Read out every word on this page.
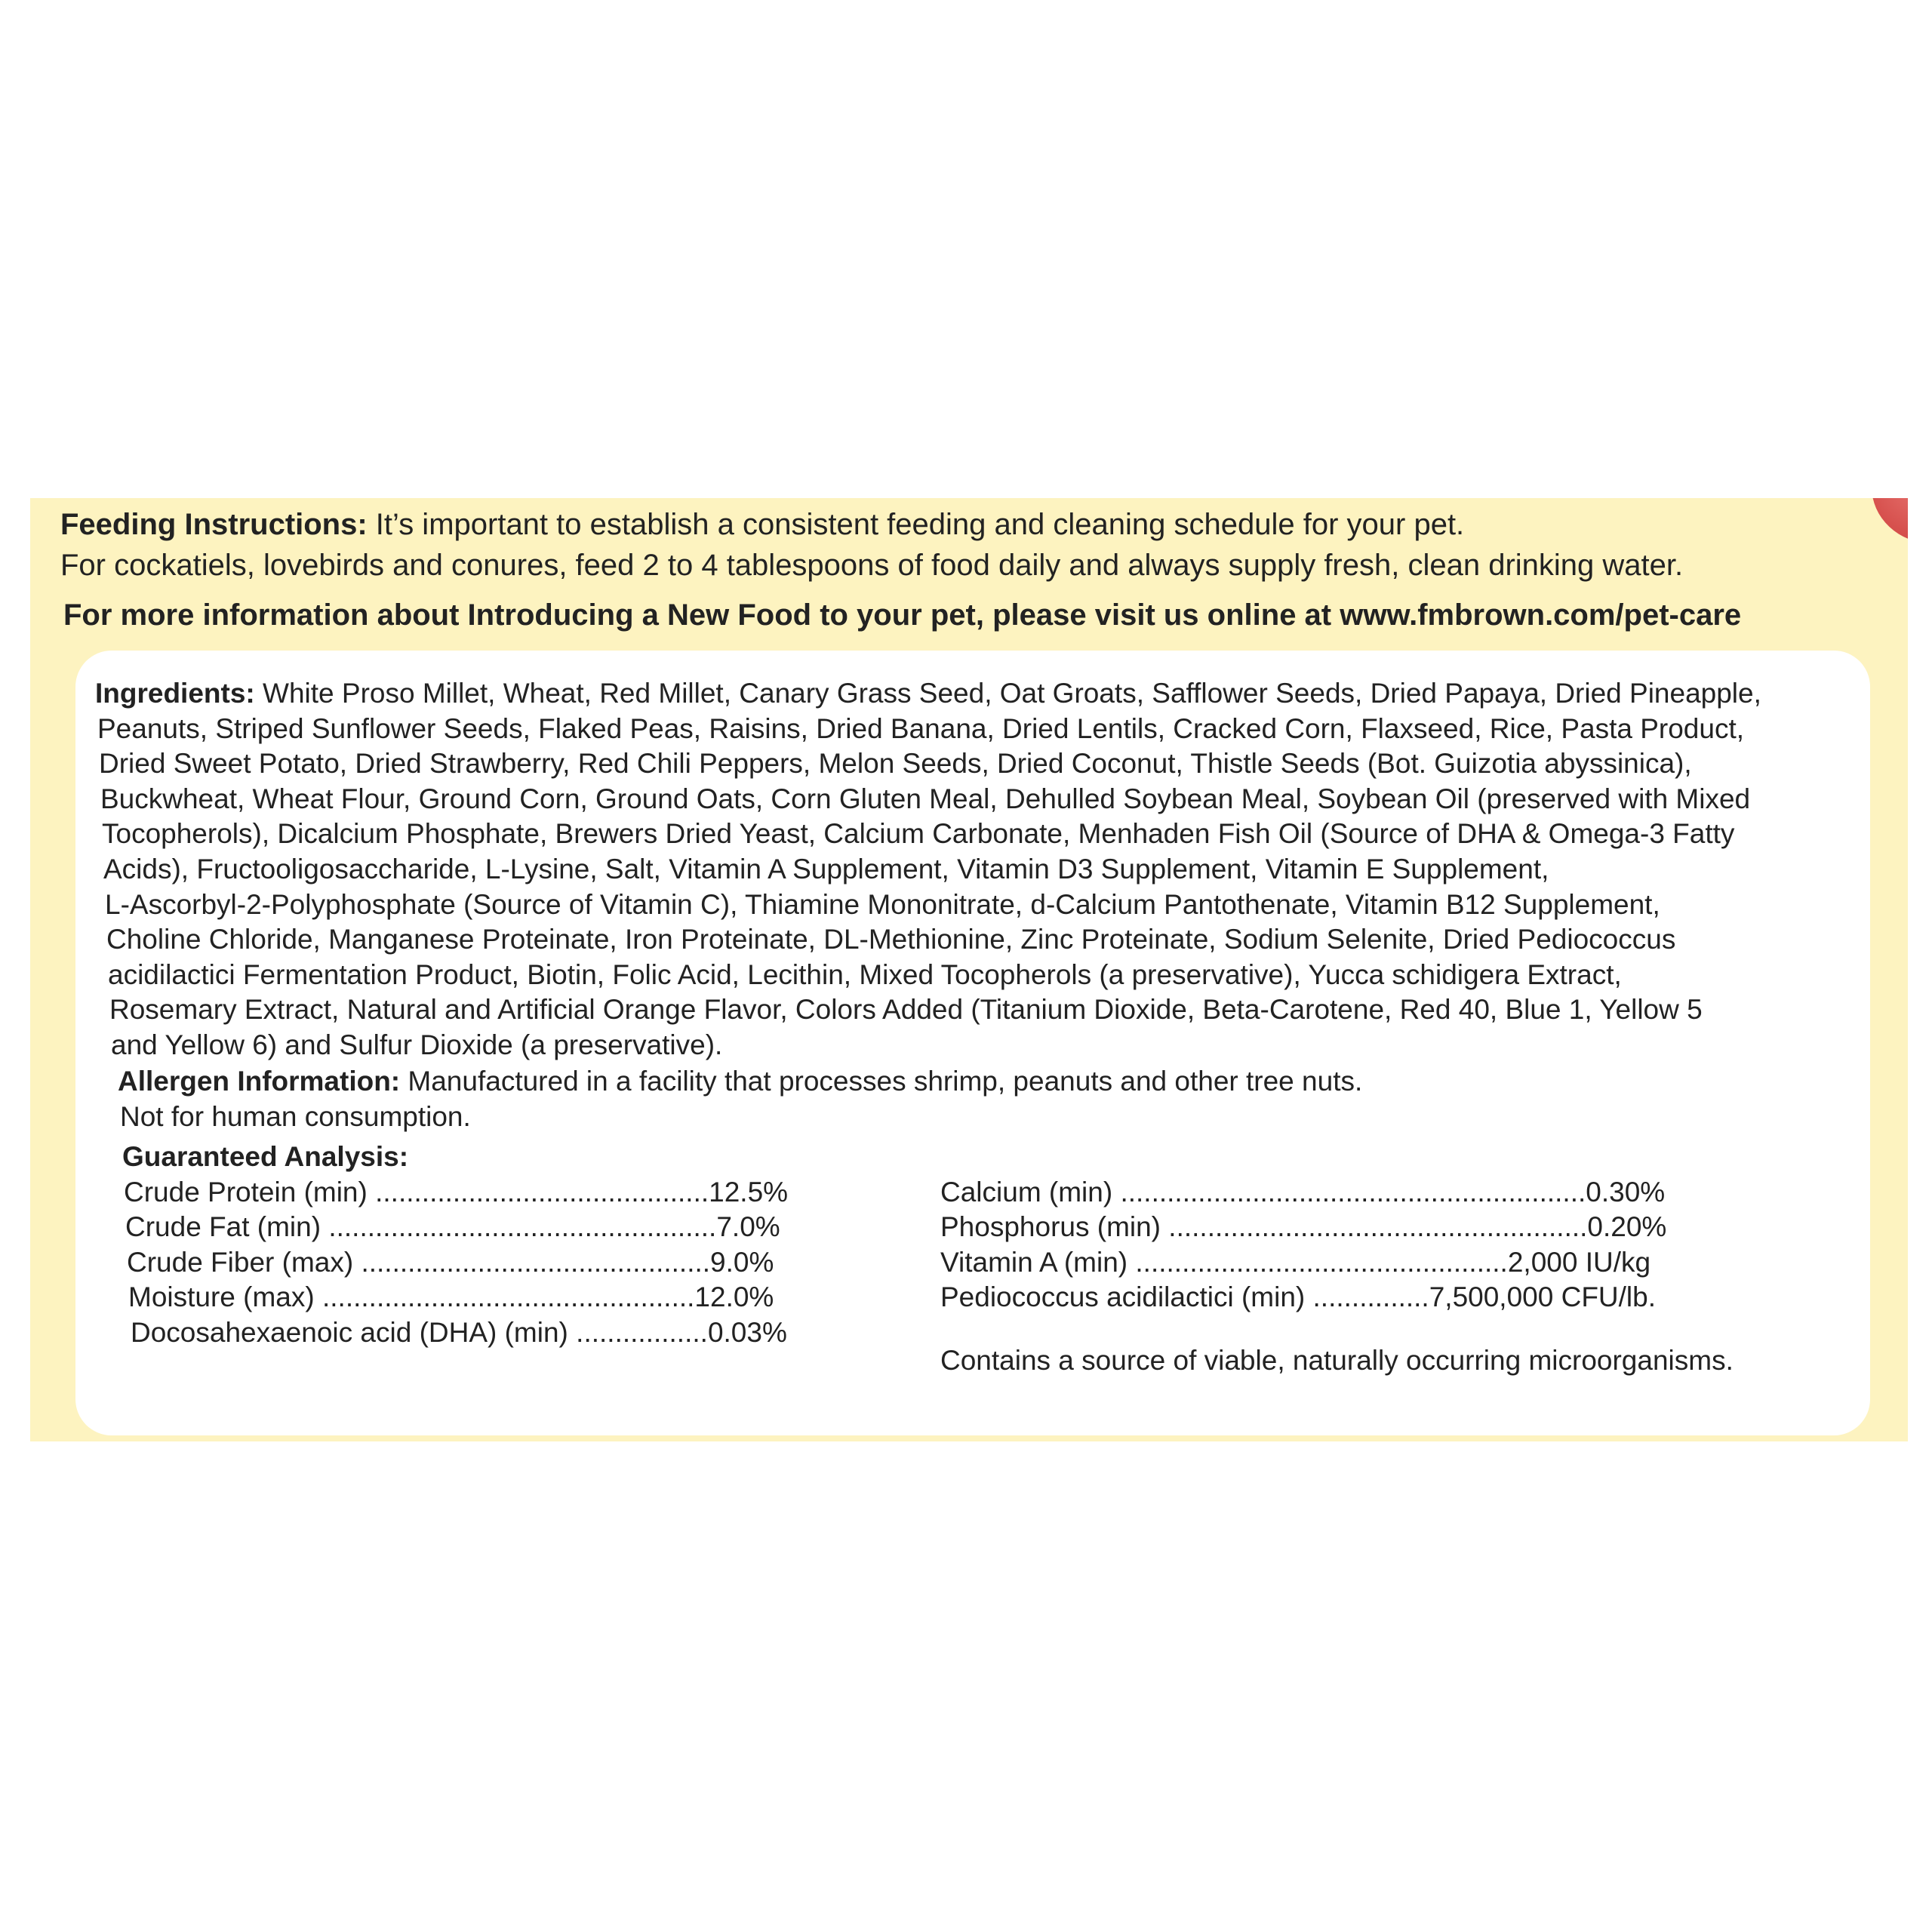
Feeding Instructions: It’s important to establish a consistent feeding and cleaning schedule for your pet.
For cockatiels, lovebirds and conures, feed 2 to 4 tablespoons of food daily and always supply fresh, clean drinking water.
For more information about Introducing a New Food to your pet, please visit us online at www.fmbrown.com/pet-care
Ingredients: White Proso Millet, Wheat, Red Millet, Canary Grass Seed, Oat Groats, Safflower Seeds, Dried Papaya, Dried Pineapple,
Peanuts, Striped Sunflower Seeds, Flaked Peas, Raisins, Dried Banana, Dried Lentils, Cracked Corn, Flaxseed, Rice, Pasta Product,
Dried Sweet Potato, Dried Strawberry, Red Chili Peppers, Melon Seeds, Dried Coconut, Thistle Seeds (Bot. Guizotia abyssinica),
Buckwheat, Wheat Flour, Ground Corn, Ground Oats, Corn Gluten Meal, Dehulled Soybean Meal, Soybean Oil (preserved with Mixed
Tocopherols), Dicalcium Phosphate, Brewers Dried Yeast, Calcium Carbonate, Menhaden Fish Oil (Source of DHA & Omega-3 Fatty
Acids), Fructooligosaccharide, L-Lysine, Salt, Vitamin A Supplement, Vitamin D3 Supplement, Vitamin E Supplement,
L-Ascorbyl-2-Polyphosphate (Source of Vitamin C), Thiamine Mononitrate, d-Calcium Pantothenate, Vitamin B12 Supplement,
Choline Chloride, Manganese Proteinate, Iron Proteinate, DL-Methionine, Zinc Proteinate, Sodium Selenite, Dried Pediococcus
acidilactici Fermentation Product, Biotin, Folic Acid, Lecithin, Mixed Tocopherols (a preservative), Yucca schidigera Extract,
Rosemary Extract, Natural and Artificial Orange Flavor, Colors Added (Titanium Dioxide, Beta-Carotene, Red 40, Blue 1, Yellow 5
and Yellow 6) and Sulfur Dioxide (a preservative).
Allergen Information: Manufactured in a facility that processes shrimp, peanuts and other tree nuts.
Not for human consumption.
Guaranteed Analysis:
Crude Protein (min) ...........................................12.5%
Crude Fat (min) ..................................................7.0%
Crude Fiber (max) .............................................9.0%
Moisture (max) ................................................12.0%
Docosahexaenoic acid (DHA) (min) .................0.03%
Calcium (min) ............................................................0.30%
Phosphorus (min) ......................................................0.20%
Vitamin A (min) ................................................2,000 IU/kg
Pediococcus acidilactici (min) ...............7,500,000 CFU/lb.
Contains a source of viable, naturally occurring microorganisms.
